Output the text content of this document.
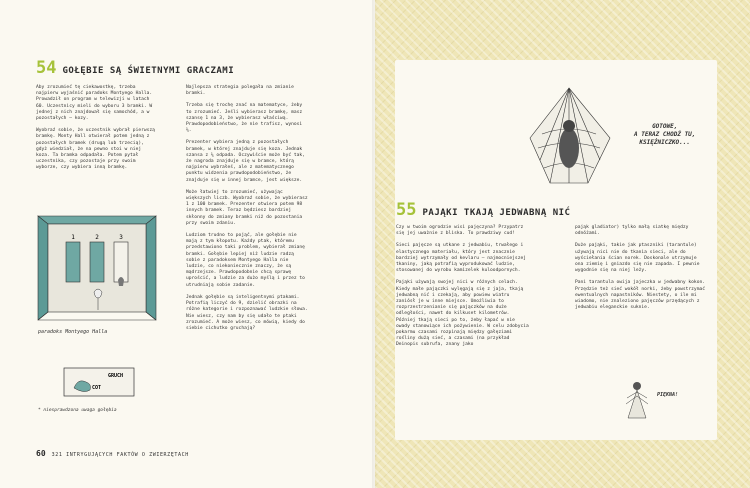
54 GOŁĘBIE SĄ ŚWIETNYMI GRACZAMI

Aby zrozumieć tę ciekawostkę, trzeba najpierw wyjaśnić paradoks Montyego Halla. Prowadził on program w telewizji w latach 60. Uczestnicy mieli do wyboru 3 bramki. W jednej z nich znajdował się samochód, a w pozostałych – kozy.

Wyobraź sobie, że uczestnik wybrał pierwszą bramkę. Monty Hall otwierał potem jedną z pozostałych bramek (drugą lub trzecią), gdyż wiedział, że na pewno stoi w niej koza. Ta bramka odpadała. Potem pytał uczestnika, czy pozostaje przy swoim wyborze, czy wybiera inną bramkę.

Najlepsza strategia polegała na zmianie bramki.

Trzeba się trochę znać na matematyce, żeby to zrozumieć. Jeśli wybierasz bramkę, masz szansę 1 na 3, że wybierasz właściwą. Prawdopodobieństwo, że nie trafisz, wynosi ⅔.

Prezenter wybiera jedną z pozostałych bramek, w której znajduje się koza. Jednak szansa z ⅔ odpada. Oczywiście może być tak, że nagroda znajduje się w bramce, którą najpierw wybrałeś, ale z matematycznego punktu widzenia prawdopodobieństwo, że znajduje się w innej bramce, jest większe.

Może łatwiej to zrozumieć, używając większych liczb. Wyobraź sobie, że wybierasz 1 z 100 bramek. Prezenter otwiera potem 98 innych bramek. Teraz będziesz bardziej skłonny do zmiany bramki niż do pozostania przy swoim zdaniu.

Ludziom trudno to pojąć, ale gołębie nie mają z tym kłopotu. Każdy ptak, któremu przedstawiono taki problem, wybierał zmianę bramki. Gołębie lepiej niż ludzie radzą sobie z paradoksem Montyego Halla nie ludzie, co niekoniecznie znaczy, że są mądrzejsze. Prawdopodobnie chcą sprawę uprościć, a ludzie za dużo myślą i przez to utrudniają sobie zadanie.

Jednak gołębie są inteligentnymi ptakami. Potrafią liczyć do 9, dzielić obrazki na różne kategorie i rozpoznawać ludzkie słowa. Nie wiesz, czy nam by się udało te ptaki zrozumieć. A może wiesz, co mówią, kiedy do siebie cichutko gruchają?

1	2	3
paradoks Montyego Halla
GRUCH
COT
* niesprawdzona uwaga gołębia
60 321 INTRYGUJĄCYCH FAKTÓW O ZWIERZĘTACH
GOTOWE,
A TERAZ CHODŹ TU,
KSIĘŻNICZKO...
55 PAJĄKI TKAJĄ JEDWABNĄ NIĆ

Czy w twoim ogrodzie wisi pajęczyna? Przypatrz się jej uważnie z bliska. To prawdziwy cud!

Sieci pajęcze są utkane z jedwabiu, trwałego i elastycznego materiału, który jest znacznie bardziej wytrzymały od kevlaru – najmocniejszej tkaniny, jaką potrafią wyprodukować ludzie, stosowanej do wyrobu kamizelek kuloodpornych.

Pająki używają swojej nici w różnych celach. Kiedy małe pajączki wylęgają się z jaja, tkają jedwabną nić i czekają, aby powiew wiatru zaniósł je w inne miejsce. Umożliwia to rozprzestrzenianie się pajączków na duże odległości, nawet do kilkuset kilometrów. Później tkają sieci po to, żeby łapać w nie owady stanowiące ich pożywienie. W celu zdobycia pokarmu czasami rozpinają między gałęziami rośliny dużą sieć, a czasami (na przykład Deinopis subrufa, znany jako

pająk gladiator) tylko małą siatkę między odnóżami.

Duże pająki, takie jak ptaszniki (tarantule) używają nici nie do tkania sieci, ale do wyściełania ścian norek. Doskonale utrzymuje ona ziemię i gniazdo się nie zapada. I pewnie wygodnie się na niej leży.

Pani tarantula owija jajeczka w jedwabny kokon. Przędzie też sieć wokół norki, żeby powstrzymać ewentualnych napastników. Niestety, o ile mi wiadomo, nie znaleziono pajęczów przędących z jedwabiu eleganckie suknie.

PIĘKNA!
